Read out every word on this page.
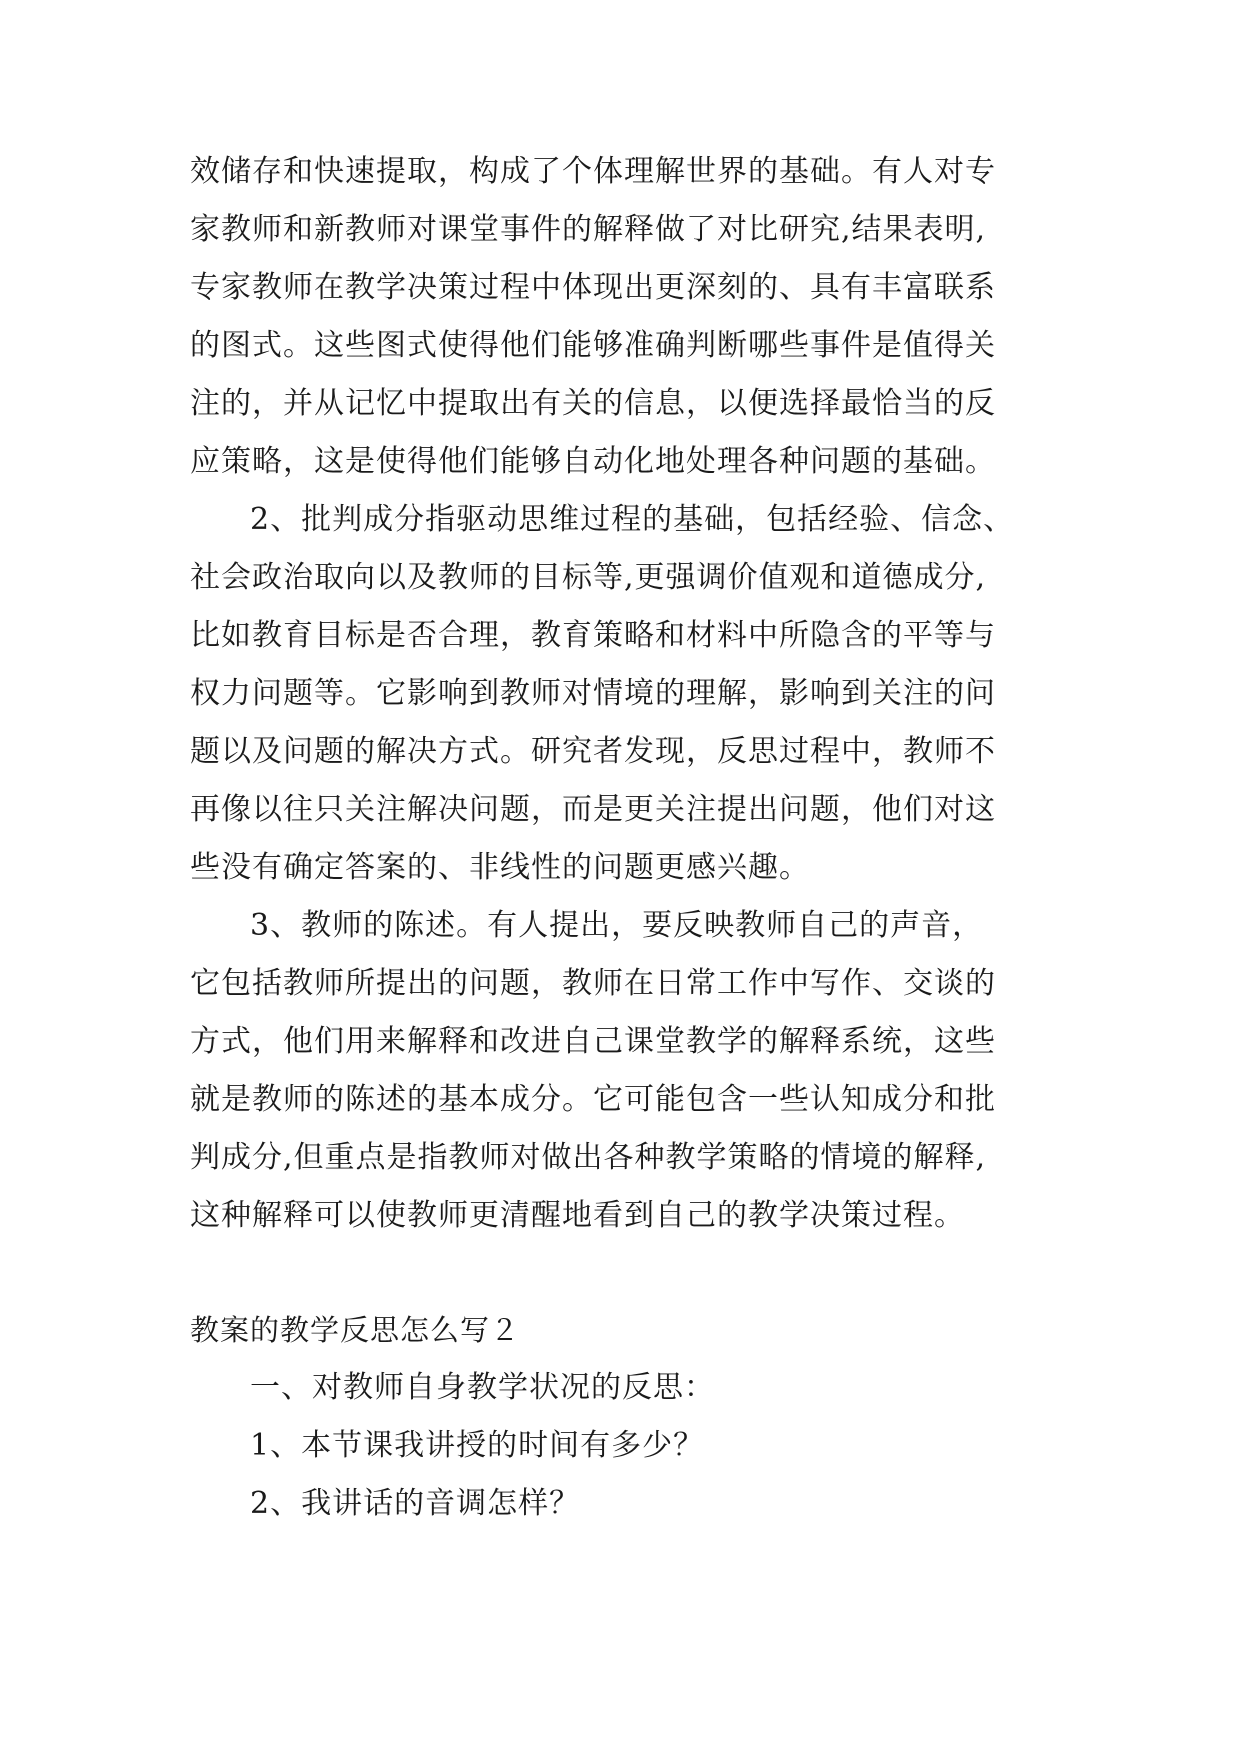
效储存和快速提取，构成了个体理解世界的基础。有人对专

家教师和新教师对课堂事件的解释做了对比研究,结果表明,

专家教师在教学决策过程中体现出更深刻的、具有丰富联系

的图式。这些图式使得他们能够准确判断哪些事件是值得关

注的，并从记忆中提取出有关的信息，以便选择最恰当的反

应策略，这是使得他们能够自动化地处理各种问题的基础。

2、批判成分指驱动思维过程的基础，包括经验、信念、

社会政治取向以及教师的目标等,更强调价值观和道德成分,

比如教育目标是否合理，教育策略和材料中所隐含的平等与

权力问题等。它影响到教师对情境的理解，影响到关注的问

题以及问题的解决方式。研究者发现，反思过程中，教师不

再像以往只关注解决问题，而是更关注提出问题，他们对这

些没有确定答案的、非线性的问题更感兴趣。

3、教师的陈述。有人提出，要反映教师自己的声音，

它包括教师所提出的问题，教师在日常工作中写作、交谈的

方式，他们用来解释和改进自己课堂教学的解释系统，这些

就是教师的陈述的基本成分。它可能包含一些认知成分和批

判成分,但重点是指教师对做出各种教学策略的情境的解释,

这种解释可以使教师更清醒地看到自己的教学决策过程。

教案的教学反思怎么写２

一、对教师自身教学状况的反思：

1、本节课我讲授的时间有多少？

2、我讲话的音调怎样？
